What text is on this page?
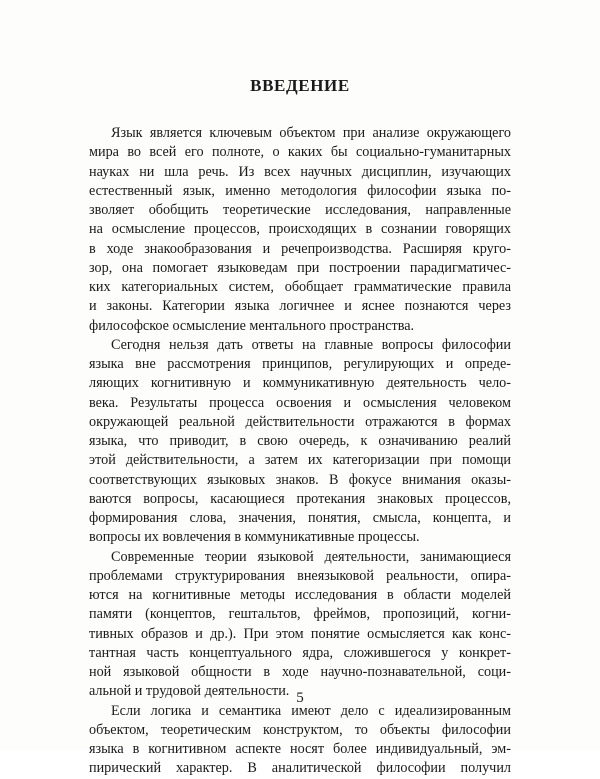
ВВЕДЕНИЕ
Язык является ключевым объектом при анализе окружающего
мира во всей его полноте, о каких бы социально-гуманитарных
науках ни шла речь. Из всех научных дисциплин, изучающих
естественный язык, именно методология философии языка по-
зволяет обобщить теоретические исследования, направленные
на осмысление процессов, происходящих в сознании говорящих
в ходе знакообразования и речепроизводства. Расширяя круго-
зор, она помогает языковедам при построении парадигматичес-
ких категориальных систем, обобщает грамматические правила
и законы. Категории языка логичнее и яснее познаются через
философское осмысление ментального пространства.
Сегодня нельзя дать ответы на главные вопросы философии
языка вне рассмотрения принципов, регулирующих и опреде-
ляющих когнитивную и коммуникативную деятельность чело-
века. Результаты процесса освоения и осмысления человеком
окружающей реальной действительности отражаются в формах
языка, что приводит, в свою очередь, к означиванию реалий
этой действительности, а затем их категоризации при помощи
соответствующих языковых знаков. В фокусе внимания оказы-
ваются вопросы, касающиеся протекания знаковых процессов,
формирования слова, значения, понятия, смысла, концепта, и
вопросы их вовлечения в коммуникативные процессы.
Современные теории языковой деятельности, занимающиеся
проблемами структурирования внеязыковой реальности, опира-
ются на когнитивные методы исследования в области моделей
памяти (концептов, гештальтов, фреймов, пропозиций, когни-
тивных образов и др.). При этом понятие осмысляется как конс-
тантная часть концептуального ядра, сложившегося у конкрет-
ной языковой общности в ходе научно-познавательной, соци-
альной и трудовой деятельности.
Если логика и семантика имеют дело с идеализированным
объектом, теоретическим конструктом, то объекты философии
языка в когнитивном аспекте носят более индивидуальный, эм-
пирический характер. В аналитической философии получил
5
